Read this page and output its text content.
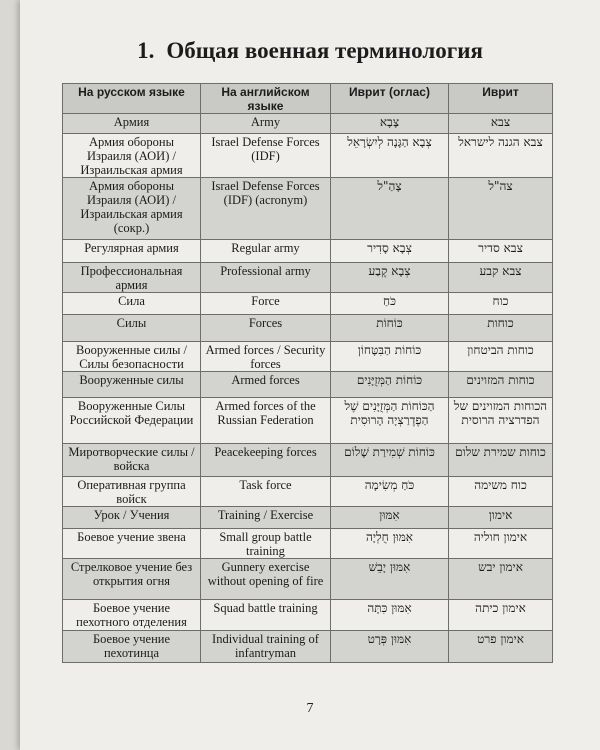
1. Общая военная терминология
На русском языке	На английском языке	Иврит (оглас)	Иврит
Армия	Army	צָבָא	צבא
Армия обороны Израиля (АОИ) / Израильская армия	Israel Defense Forces (IDF)	צְבָא הַגָּנָה לְיִשְׂרָאֵל	צבא הגנה לישראל
Армия обороны Израиля (АОИ) / Израильская армия (сокр.)	Israel Defense Forces (IDF) (acronym)	צָהַ"ל	צה"ל
Регулярная армия	Regular army	צְבָא סָדִיר	צבא סדיר
Профессиональная армия	Professional army	צְבָא קֶבַע	צבא קבע
Сила	Force	כֹּחַ	כוח
Силы	Forces	כּוֹחוֹת	כוחות
Вооруженные силы / Силы безопасности	Armed forces / Security forces	כּוֹחוֹת הַבִּטָּחוֹן	כוחות הביטחון
Вооруженные силы	Armed forces	כּוֹחוֹת הַמְּזֻיָּנִים	כוחות המזוינים
Вооруженные Силы Российской Федерации	Armed forces of the Russian Federation	הַכּוֹחוֹת הַמְּזֻיָּנִים שֶׁל הַפֶדֶרַצְיָה הָרוּסִית	הכוחות המזוינים של הפדרציה הרוסית
Миротворческие силы / войска	Peacekeeping forces	כּוֹחוֹת שְׁמִירַת שָׁלוֹם	כוחות שמירת שלום
Оперативная группа войск	Task force	כֹּחַ מְשִׂימָה	כוח משימה
Урок / Учения	Training / Exercise	אִמּוּן	אימון
Боевое учение звена	Small group battle training	אִמּוּן חֻלְיָה	אימון חוליה
Стрелковое учение без открытия огня	Gunnery exercise without opening of fire	אִמּוּן יָבֵשׁ	אימון יבש
Боевое учение пехотного отделения	Squad battle training	אִמּוּן כִּתָּה	אימון כיתה
Боевое учение пехотинца	Individual training of infantryman	אִמּוּן פְּרָט	אימון פרט
7
